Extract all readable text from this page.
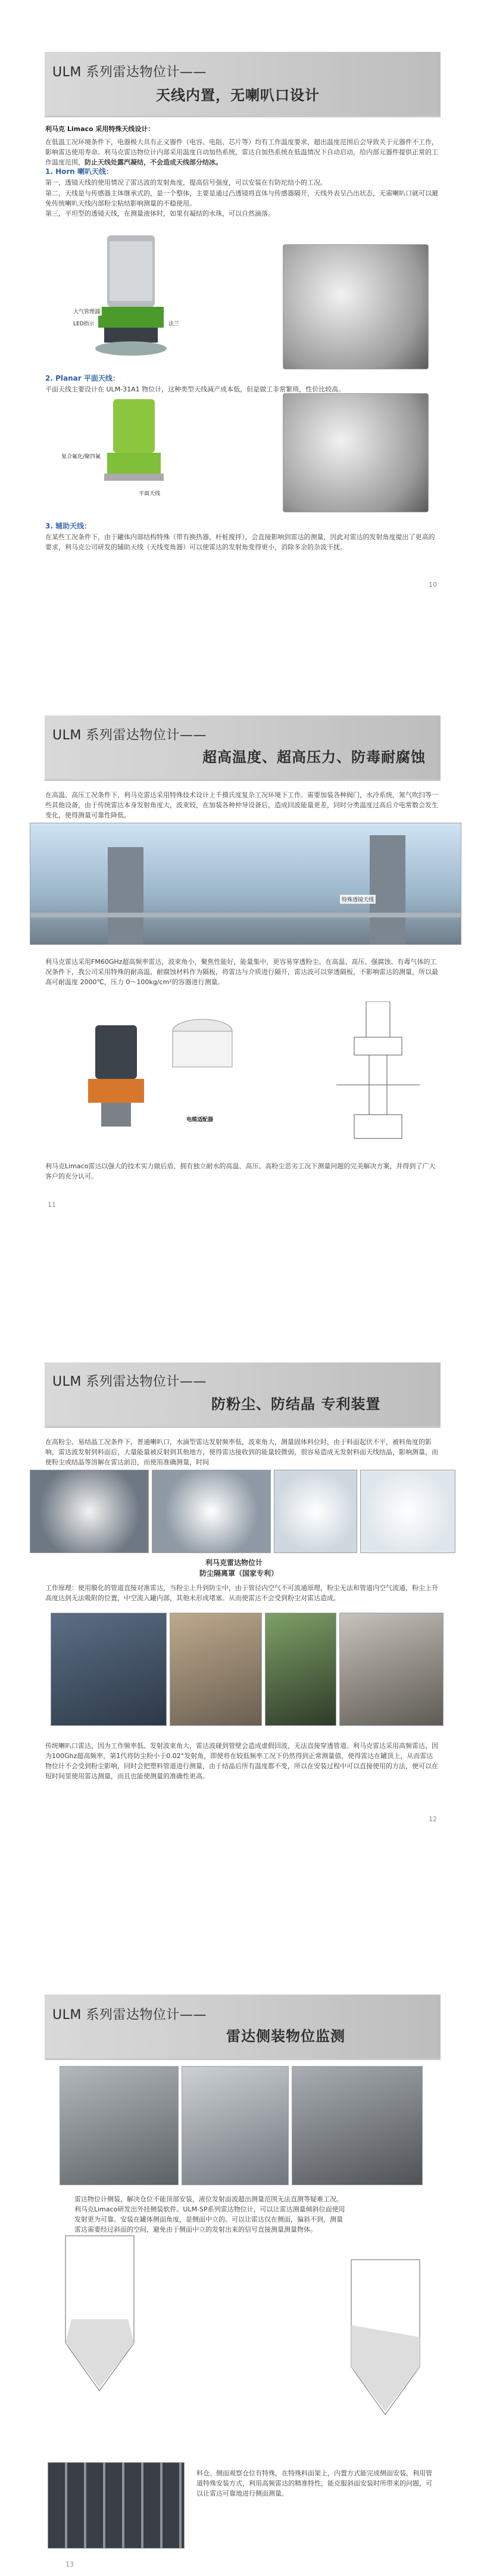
ULM 系列雷达物位计——
天线内置，无喇叭口设计
利马克 Limaco 采用特殊天线设计：
在低温工况环境条件下，电器极大具有正义器件（电容、电阻、芯片等）均有工作温度要求，超出温度范围后会导致关于元器件不工作，影响雷达使用寿命。利马克雷达物位计内部采用温度自动加热系统，雷达自加热系统在低温情况下自动启动，给内部元器件提供正常的工作温度范围，防止天线处露汽凝结，不会造成天线部分结冰。
1. Horn 喇叭天线：
第一，透镜天线的使用情况了雷达波的发射角度，提高信号强度，可以安装在有防坨结小的工况。
第二，天线是与传感器主体继承式的，是一个整体，主要是通过凸透镜将直体与传感器隔开，天线外表呈凸出状态，无需喇叭口就可以避免传统喇叭天线内部粉尘粘结影响测量的不稳使用。
第三，平坦型的透镜天线，在测量液体时，如果有凝结的水珠，可以自然滴落。
大气管理器
LED指示	法兰
2. Planar 平面天线：
平面天线主要设计在 ULM-31A1 物位计，这种类型天线减产成本低，但是做工非常繁琐，性价比较高。
复合氟化/聚四氟
平面天线
3. 辅助天线：
在某些工况条件下，由于罐体内部结构特殊（带有换热器，杆桩搅拌），会直接影响到雷达的测量，因此对雷达的发射角度提出了更高的要求，利马克公司研发的辅助天线（天线变角器）可以使雷达的发射角变得更小，消除多余的杂波干扰。
10
ULM 系列雷达物位计——
超高温度、超高压力、防毒耐腐蚀
在高温、高压工况条件下，利马克雷达采用特殊技术设计上千摄氏度复杂工况环境下工作。需要加装各种阀门，水冷系统，氮气吹扫等一些其他设备，由于传统雷达本身发射角度大，波束较，在加装各种仲导设备后，造成回波能量更差，同时分类温度过高后介电常数会发生变化，使得测量可靠性降低。
特殊透镜天线
利马克雷达采用FM60GHz超高频率雷达，波束角小，聚焦性能好，能量集中，更容易穿透粉尘。在高温、高压、强腐蚀、有毒气体的工况条件下，我公司采用特殊的耐高温、耐腐蚀材料作为隔板，将雷达与介质进行隔开，雷达波可以穿透隔板，不影响雷达的测量，所以最高可耐温度 2000℃，压力 0～100kg/cm²的容器进行测量。
电缆适配器
利马克Limaco雷达以强大的技术实力做后盾，拥有独立耐水的高温、高压、高粉尘恶劣工况下测量问题的完美解决方案，并得到了广大客户的充分认可。
11
ULM 系列雷达物位计——
防粉尘、防结晶 专利装置
在高粉尘、易结晶工况条件下，普通喇叭口，水滴型雷达发射频率低，波束角大，测量固体料位时，由于料面起伏不平，被料角度的影响，雷达波发射到料面后，大量能量被反射到其他地方，使得雷达接收到的能量较微弱，很容易造成无发射料面天线结晶，影响测量，而使粉尘或结晶等溶解在雷达前沿，而使用准确测量，时间
利马克雷达物位计
防尘隔离罩（国家专利）
工作原理：使用膜化的管道直接对准雷达，当粉尘上升到防尘中，由于管径内空气不可流通原理，粉尘无法和管道内空气流通，粉尘上升高度达到无法吸附的位置，中空流入罐内部，其他未形成堵塞。从而使雷达不会受到粉尘对雷达造成。
传统喇叭口雷达，因为工作频率低、发射波束角大，雷达波碰到管壁会造成虚假回波，无法直接穿透管道。利马克雷达采用高频雷达，因为100Ghz超高频率，第1代将防尘粉小于0.02°发射角，即使将在较低频率工况下仍然得到正常测量值，使得雷达在罐顶上，从而雷达物位计不会受到粉尘影响，同时会把塑料管道进行测量，由于结晶后所有温度都不变，所以在安装过程中可以直接使用的方法，便可以在短时间里使用雷达测量，而且也能使测量的准确性更高。
12
ULM 系列雷达物位计——
雷达侧装物位监测
雷达物位计侧装，解决仓位不能顶部安装，液位发射面波超出测量范围无法直测等疑难工况。利马克Limaco研发出外挂侧装软件。ULM-SP系列雷达物位计，可以让雷达测量倾斜位面使用发射更为可靠。安装在罐体侧面角度，是侧面中立的。可以让雷达仅在侧面，偏斜不到，测量雷达需要经过斜面的空间，避免由于侧面中立的发射出来的信号直接测量测量物体。
料仓、侧面观察仓位有特殊，在特殊料面架上，内置方式能完成侧面安装，利用管道特殊安装方式，利用高频雷达的精准特性，能克服斜面安装时所带来的问题，可以让雷达可靠地进行侧面测量。
13
